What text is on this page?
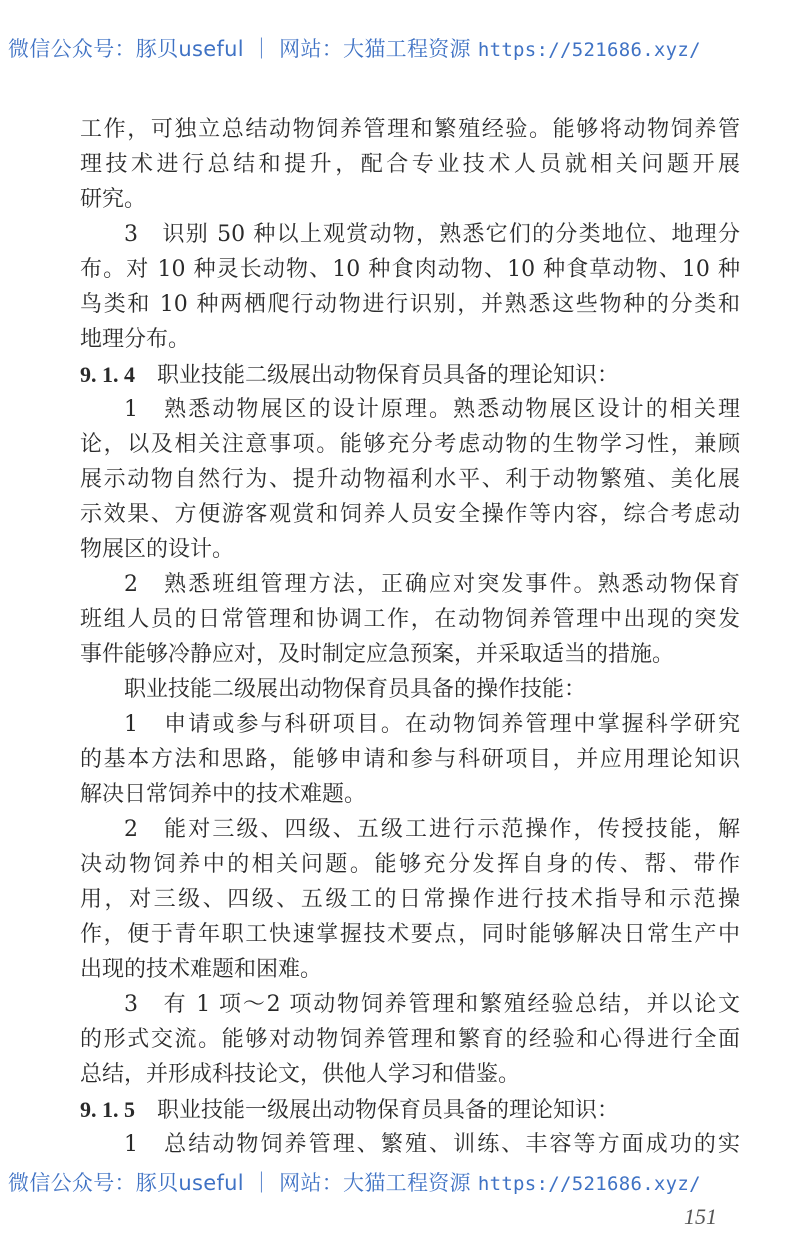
微信公众号：豚贝useful ｜ 网站：大猫工程资源 https://521686.xyz/
工作，可独立总结动物饲养管理和繁殖经验。能够将动物饲养管
理技术进行总结和提升，配合专业技术人员就相关问题开展
研究。
3　识别 50 种以上观赏动物，熟悉它们的分类地位、地理分
布。对 10 种灵长动物、10 种食肉动物、10 种食草动物、10 种
鸟类和 10 种两栖爬行动物进行识别，并熟悉这些物种的分类和
地理分布。
9. 1. 4　职业技能二级展出动物保育员具备的理论知识：
1　熟悉动物展区的设计原理。熟悉动物展区设计的相关理
论，以及相关注意事项。能够充分考虑动物的生物学习性，兼顾
展示动物自然行为、提升动物福利水平、利于动物繁殖、美化展
示效果、方便游客观赏和饲养人员安全操作等内容，综合考虑动
物展区的设计。
2　熟悉班组管理方法，正确应对突发事件。熟悉动物保育
班组人员的日常管理和协调工作，在动物饲养管理中出现的突发
事件能够冷静应对，及时制定应急预案，并采取适当的措施。
职业技能二级展出动物保育员具备的操作技能：
1　申请或参与科研项目。在动物饲养管理中掌握科学研究
的基本方法和思路，能够申请和参与科研项目，并应用理论知识
解决日常饲养中的技术难题。
2　能对三级、四级、五级工进行示范操作，传授技能，解
决动物饲养中的相关问题。能够充分发挥自身的传、帮、带作
用，对三级、四级、五级工的日常操作进行技术指导和示范操
作，便于青年职工快速掌握技术要点，同时能够解决日常生产中
出现的技术难题和困难。
3　有 1 项～2 项动物饲养管理和繁殖经验总结，并以论文
的形式交流。能够对动物饲养管理和繁育的经验和心得进行全面
总结，并形成科技论文，供他人学习和借鉴。
9. 1. 5　职业技能一级展出动物保育员具备的理论知识：
1　总结动物饲养管理、繁殖、训练、丰容等方面成功的实
微信公众号：豚贝useful ｜ 网站：大猫工程资源 https://521686.xyz/
151
